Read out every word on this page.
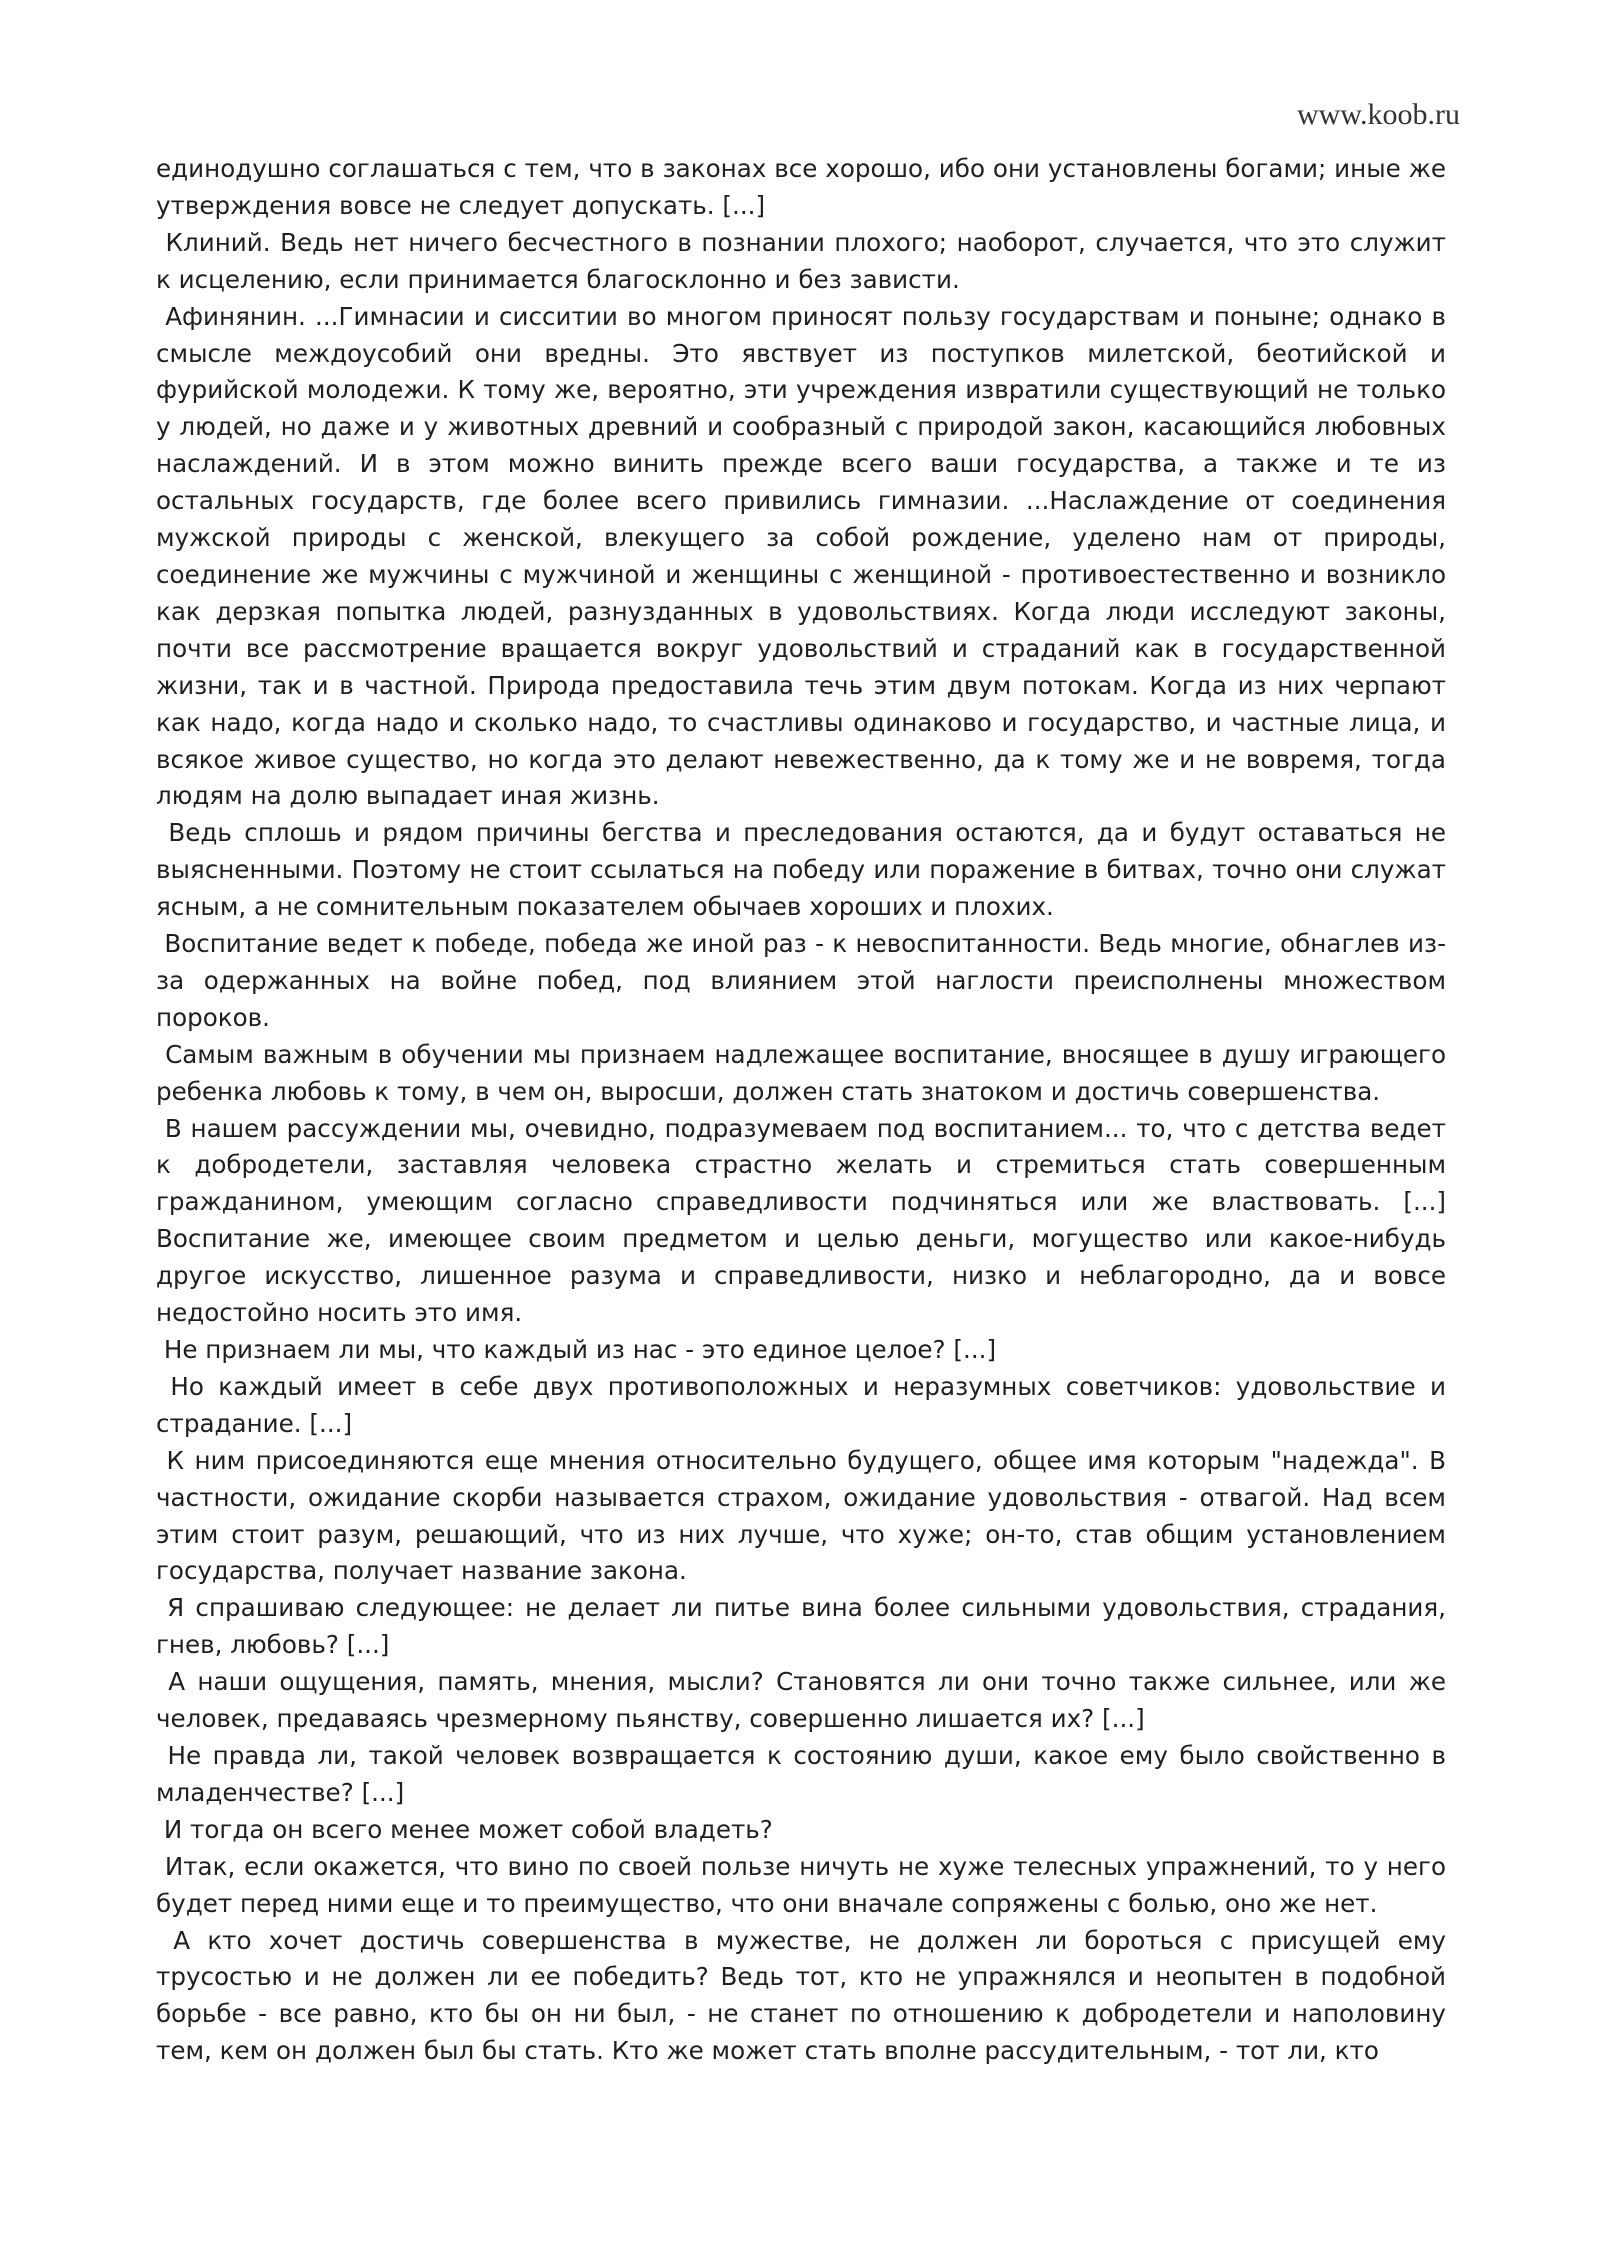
www.koob.ru

единодушно соглашаться с тем, что в законах все хорошо, ибо они установлены богами; иные же утверждения вовсе не следует допускать. [...]

Клиний. Ведь нет ничего бесчестного в познании плохого; наоборот, случается, что это служит к исцелению, если принимается благосклонно и без зависти.

Афинянин. ...Гимнасии и сисситии во многом приносят пользу государствам и поныне; однако в смысле междоусобий они вредны. Это явствует из поступков милетской, беотийской и фурийской молодежи. К тому же, вероятно, эти учреждения извратили существующий не только у людей, но даже и у животных древний и сообразный с природой закон, касающийся любовных наслаждений. И в этом можно винить прежде всего ваши государства, а также и те из остальных государств, где более всего привились гимназии. ...Наслаждение от соединения мужской природы с женской, влекущего за собой рождение, уделено нам от природы, соединение же мужчины с мужчиной и женщины с женщиной - противоестественно и возникло как дерзкая попытка людей, разнузданных в удовольствиях. Когда люди исследуют законы, почти все рассмотрение вращается вокруг удовольствий и страданий как в государственной жизни, так и в частной. Природа предоставила течь этим двум потокам. Когда из них черпают как надо, когда надо и сколько надо, то счастливы одинаково и государство, и частные лица, и всякое живое существо, но когда это делают невежественно, да к тому же и не вовремя, тогда людям на долю выпадает иная жизнь.

Ведь сплошь и рядом причины бегства и преследования остаются, да и будут оставаться не выясненными. Поэтому не стоит ссылаться на победу или поражение в битвах, точно они служат ясным, а не сомнительным показателем обычаев хороших и плохих.

Воспитание ведет к победе, победа же иной раз - к невоспитанности. Ведь многие, обнаглев из-за одержанных на войне побед, под влиянием этой наглости преисполнены множеством пороков.

Самым важным в обучении мы признаем надлежащее воспитание, вносящее в душу играющего ребенка любовь к тому, в чем он, выросши, должен стать знатоком и достичь совершенства.

В нашем рассуждении мы, очевидно, подразумеваем под воспитанием... то, что с детства ведет к добродетели, заставляя человека страстно желать и стремиться стать совершенным гражданином, умеющим согласно справедливости подчиняться или же властвовать. [...] Воспитание же, имеющее своим предметом и целью деньги, могущество или какое-нибудь другое искусство, лишенное разума и справедливости, низко и неблагородно, да и вовсе недостойно носить это имя.

Не признаем ли мы, что каждый из нас - это единое целое? [...]

Но каждый имеет в себе двух противоположных и неразумных советчиков: удовольствие и страдание. [...]

К ним присоединяются еще мнения относительно будущего, общее имя которым "надежда". В частности, ожидание скорби называется страхом, ожидание удовольствия - отвагой. Над всем этим стоит разум, решающий, что из них лучше, что хуже; он-то, став общим установлением государства, получает название закона.

Я спрашиваю следующее: не делает ли питье вина более сильными удовольствия, страдания, гнев, любовь? [...]

А наши ощущения, память, мнения, мысли? Становятся ли они точно также сильнее, или же человек, предаваясь чрезмерному пьянству, совершенно лишается их? [...]

Не правда ли, такой человек возвращается к состоянию души, какое ему было свойственно в младенчестве? [...]

И тогда он всего менее может собой владеть?

Итак, если окажется, что вино по своей пользе ничуть не хуже телесных упражнений, то у него будет перед ними еще и то преимущество, что они вначале сопряжены с болью, оно же нет.

А кто хочет достичь совершенства в мужестве, не должен ли бороться с присущей ему трусостью и не должен ли ее победить? Ведь тот, кто не упражнялся и неопытен в подобной борьбе - все равно, кто бы он ни был, - не станет по отношению к добродетели и наполовину тем, кем он должен был бы стать. Кто же может стать вполне рассудительным, - тот ли, кто
